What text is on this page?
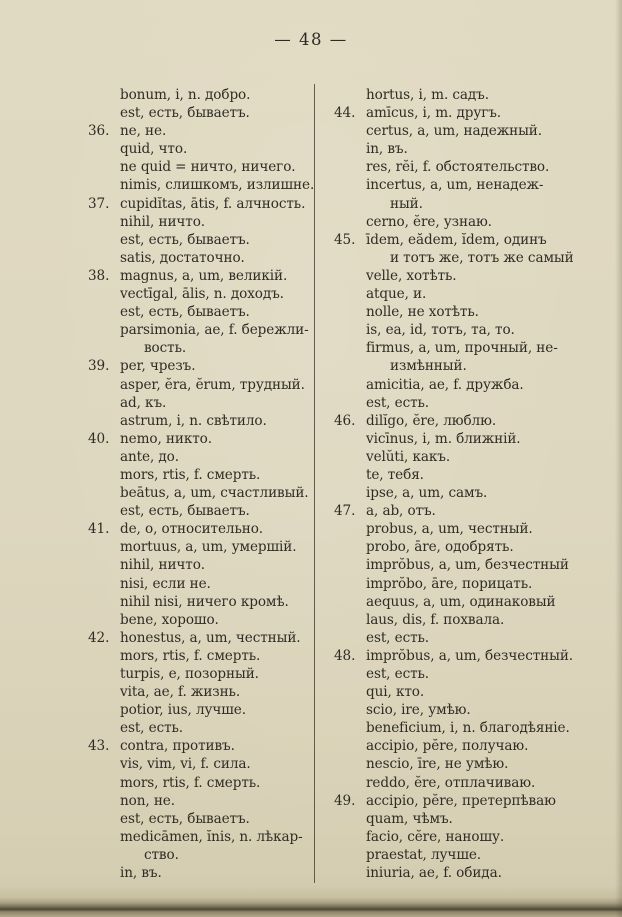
— 48 —
bonum, i, n. добро.
est, есть, бываетъ.
36. ne, не.
quid, что.
ne quid = ничто, ничего.
nimis, слишкомъ, излишне.
37. cupidĭtas, ātis, f. алчность.
nihil, ничто.
est, есть, бываетъ.
satis, достаточно.
38. magnus, a, um, великій.
vectīgal, ālis, n. доходъ.
est, есть, бываетъ.
parsimonia, ae, f. бережли-
вость.
39. per, чрезъ.
asper, ĕra, ĕrum, трудный.
ad, къ.
astrum, i, n. свѣтило.
40. nemo, никто.
ante, до.
mors, rtis, f. смерть.
beātus, a, um, счастливый.
est, есть, бываетъ.
41. de, о, относительно.
mortuus, a, um, умершій.
nihil, ничто.
nisi, если не.
nihil nisi, ничего кромѣ.
bene, хорошо.
42. honestus, a, um, честный.
mors, rtis, f. смерть.
turpis, e, позорный.
vita, ae, f. жизнь.
potior, ius, лучше.
est, есть.
43. contra, противъ.
vis, vim, vi, f. сила.
mors, rtis, f. смерть.
non, не.
est, есть, бываетъ.
medicāmen, ĭnis, n. лѣкар-
ство.
in, въ.
hortus, i, m. садъ.
44. amīcus, i, m. другъ.
certus, a, um, надежный.
in, въ.
res, rĕi, f. обстоятельство.
incertus, a, um, ненадеж-
ный.
cerno, ĕre, узнаю.
45. īdem, eădem, ĭdem, одинъ
и тотъ же, тотъ же самый
velle, хотѣть.
atque, и.
nolle, не хотѣть.
is, ea, id, тотъ, та, то.
firmus, a, um, прочный, не-
измѣнный.
amicitia, ae, f. дружба.
est, есть.
46. dilĭgo, ĕre, люблю.
vicīnus, i, m. ближній.
velŭti, какъ.
te, тебя.
ipse, a, um, самъ.
47. a, ab, отъ.
probus, a, um, честный.
probo, āre, одобрять.
imprŏbus, a, um, безчестный
imprŏbo, āre, порицать.
aequus, a, um, одинаковый
laus, dis, f. похвала.
est, есть.
48. imprŏbus, a, um, безчестный.
est, есть.
qui, кто.
scio, ire, умѣю.
beneficium, i, n. благодѣяніе.
accipio, pĕre, получаю.
nescio, īre, не умѣю.
reddo, ĕre, отплачиваю.
49. accipio, pĕre, претерпѣваю
quam, чѣмъ.
facio, cĕre, наношу.
praestat, лучше.
iniuria, ae, f. обида.
